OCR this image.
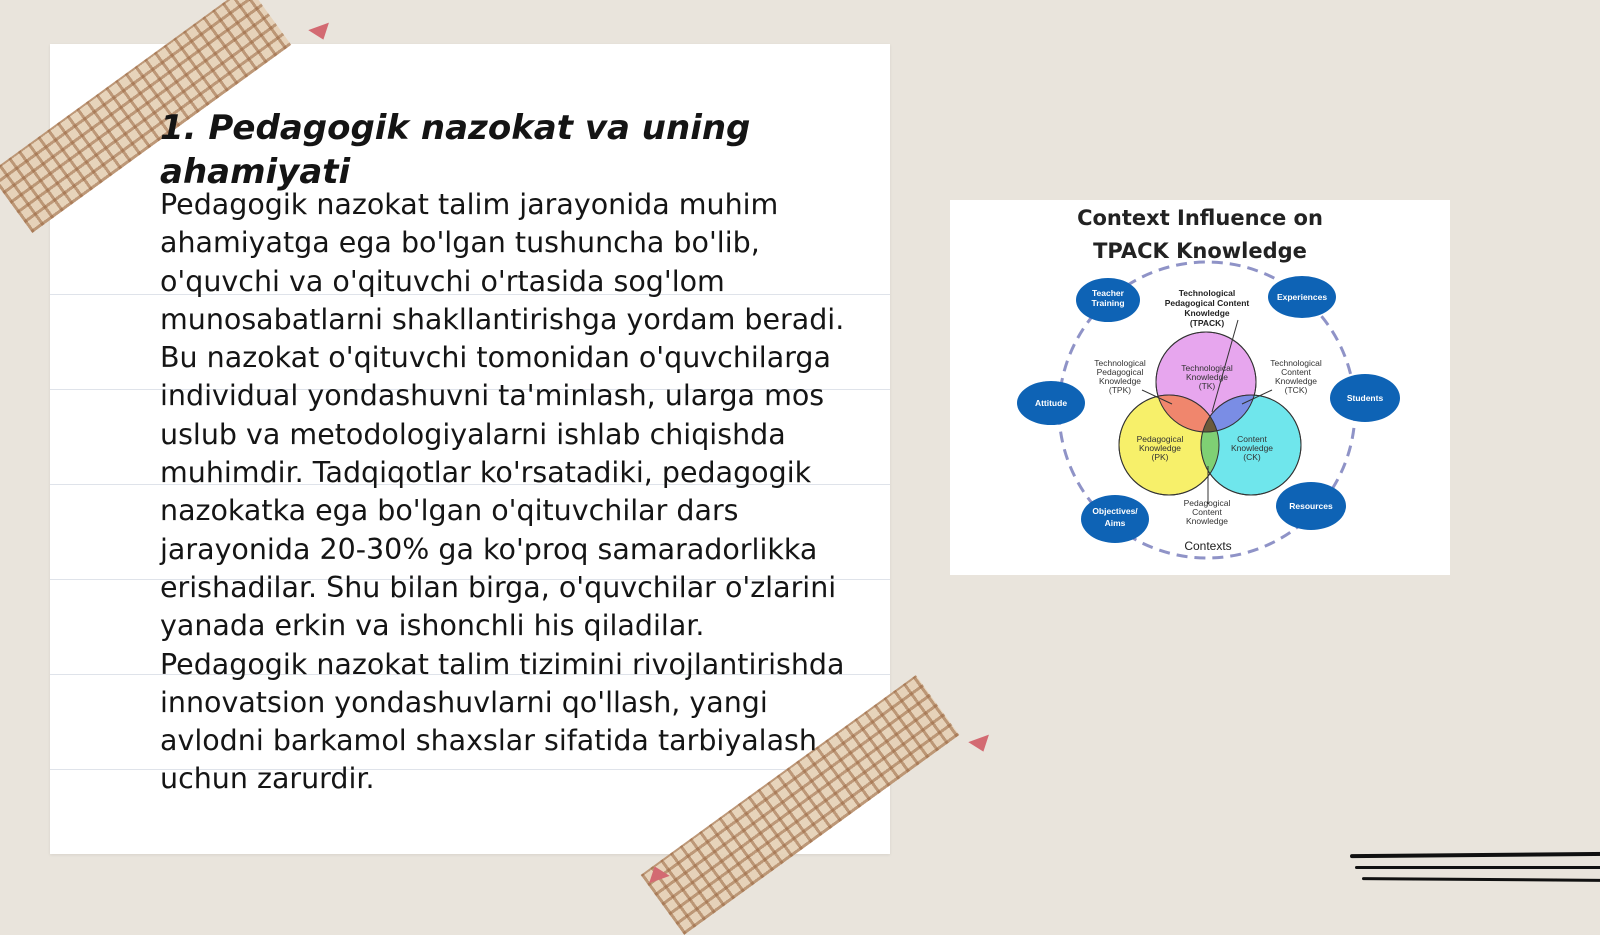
1. Pedagogik nazokat va uning ahamiyati

Pedagogik nazokat talim jarayonida muhim ahamiyatga ega bo'lgan tushuncha bo'lib, o'quvchi va o'qituvchi o'rtasida sog'lom munosabatlarni shakllantirishga yordam beradi. Bu nazokat o'qituvchi tomonidan o'quvchilarga individual yondashuvni ta'minlash, ularga mos uslub va metodologiyalarni ishlab chiqishda muhimdir. Tadqiqotlar ko'rsatadiki, pedagogik nazokatka ega bo'lgan o'qituvchilar dars jarayonida 20-30% ga ko'proq samaradorlikka erishadilar. Shu bilan birga, o'quvchilar o'zlarini yanada erkin va ishonchli his qiladilar. Pedagogik nazokat talim tizimini rivojlantirishda innovatsion yondashuvlarni qo'llash, yangi avlodni barkamol shaxslar sifatida tarbiyalash uchun zarurdir.

Context Influence on
TPACK Knowledge
Teacher
Training
Experiences
Attitude	Students
Objectives/
Aims
Resources
Technological
Pedagogical Content
Knowledge
(TPACK)
Technological
Pedagogical
Knowledge
(TPK)
Technological
Content
Knowledge
(TCK)
Technological
Knowledge
(TK)
Pedagogical
Knowledge
(PK)
Content
Knowledge
(CK)
Pedagogical
Content
Knowledge
Contexts
